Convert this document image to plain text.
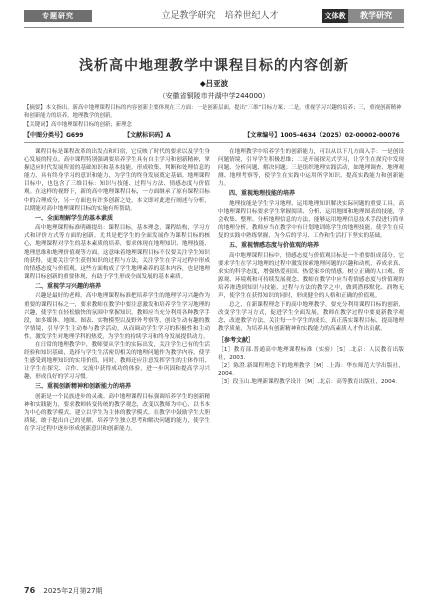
专题研究	立足教学研究　培养世纪人才	文体教	教学研究
浅析高中地理教学中课程目标的内容创新
◆吕亚波
（安徽省铜陵市井湖中学244000）
【摘要】本文指出，新高中地理课程目标的内容创新主要体现在三方面：一是创新层面，提出“三维”目标方案；二是，重视学习兴趣的培养；三，重视创新精神和创新能力的培养，地理教学的创新。
【关键词】高中地理课程目标的创新；新理念
【中图分类号】G699	【文献标识码】A	【文章编号】1005-4634（2025）02-00002-00076

课程目标是课程改革的出发点和归宿，它反映了时代的要求以及学生身心发展的特点。高中课程特别强调要培养学生具有自主学习和创新精神，掌握适应时代发展所需的基础知识和基本技能，形成收集、判断和处理信息的能力，具有终身学习的意识和能力，为学生的终身发展奠定基础。地理课程目标中，也包含了三维目标：知识与技能、过程与方法、情感态度与价值观。在这样的视野下，新的高中地理课程目标，一方面继承了原有课程目标中的合理成分，另一方面也有许多创新之处，本文即对此进行阐述与分析，以期能对高中地理课程目标的实施有所帮助。

一、全面理解学生的基本素质

高中地理课程标准明确提出：课程目标，基本理念，课程结构，学习方式和评价方式等方面的创新。尤其是把学生的全面发展作为课程目标的核心，地理课程对学生的基本素质的培养，要求体现在地理知识、地理技能、地理思维和地理价值观等方面。这意味着地理课程目标不仅要关注学生知识的获得，更要关注学生获得知识的过程与方法，关注学生在学习过程中形成的情感态度与价值观。这些方面构成了学生地理素养的基本内容，也是地理课程目标创新的重要体现，有助于学生形成全面发展的基本素质。

二、重视学习兴趣的培养

兴趣是最好的老师。高中地理课程标准把培养学生的地理学习兴趣作为重要的课程目标之一，要求教师在教学中要注意激发和培养学生学习地理的兴趣，使学生在轻松愉快的氛围中掌握知识。教师应当充分利用各种教学手段，如多媒体、地图、图表、实物模型以及野外考察等，创设生动有趣的教学情境，引导学生主动参与教学活动，从而调动学生学习的积极性和主动性，激发学生对地理学科的热爱，为学生的持续学习和终身发展提供动力。

在日常的地理教学中，教师要从学生的实际出发，关注学生已有的生活经验和知识基础，选择与学生生活密切相关的地理问题作为教学内容，使学生感受到地理知识的实用价值。同时，教师还应注意发挥学生的主体作用，让学生在探究、合作、交流中获得成功的体验，进一步巩固和提高学习兴趣，形成良好的学习习惯。

三、重视创新精神和创新能力的培养

创新是一个民族进步的灵魂。高中地理课程目标强调培养学生的创新精神和实践能力，要求教师转变传统的教学观念，改变以教师为中心、以书本为中心的教学模式，建立以学生为主体的教学模式。在教学中鼓励学生大胆质疑，敢于提出自己的见解，培养学生独立思考和解决问题的能力，使学生在学习过程中逐步形成创新意识和创新能力。

在地理教学中培养学生的创新能力，可以从以下几方面入手：一是创设问题情境，引导学生积极思维；二是开展探究式学习，让学生在探究中发现问题、分析问题、解决问题；三是组织地理实践活动，如地理调查、地理观测、地理考察等，使学生在实践中运用所学知识，提高实践能力和创新能力。

四、重视地理技能的培养

地理技能是学生学习地理、运用地理知识解决实际问题的重要工具。高中地理课程目标要求学生掌握阅读、分析、运用地图和地理图表的技能，学会收集、整理、分析地理信息的方法，能够运用地理信息技术手段进行简单的地理分析。教师应当在教学中有计划地训练学生的地理技能，使学生在反复的实践中熟练掌握，为今后的学习、工作和生活打下坚实的基础。

五、重视情感态度与价值观的培养

高中地理课程目标中，情感态度与价值观目标是一个重要组成部分。它要求学生在学习地理的过程中激发探索地理问题的兴趣和动机，养成求真、求实的科学态度，增强热爱祖国、热爱家乡的情感，树立正确的人口观、资源观、环境观和可持续发展观念。教师在教学中应当将情感态度与价值观的培养渗透到知识与技能、过程与方法的教学之中，做到潜移默化、润物无声，使学生在获得知识的同时，形成健全的人格和正确的价值观。

总之，在新课程理念下的高中地理教学，要充分利用课程目标的创新，改变学生学习方式，促进学生全面发展。教师在教学过程中要更新教学观念，改进教学方法，关注每一个学生的成长，真正落实课程目标，提高地理教学质量，为培养具有创新精神和实践能力的高素质人才作出贡献。

［参考文献］

［1］教育部.普通高中地理课程标准（实验）［S］.北京：人民教育出版社，2003.

［2］陈澄.新课程理念下的地理教学［M］.上海：华东师范大学出版社，2004.

［3］段玉山.地理新课程教学设计［M］.北京：高等教育出版社，2004.

76 2025年2月第27期
